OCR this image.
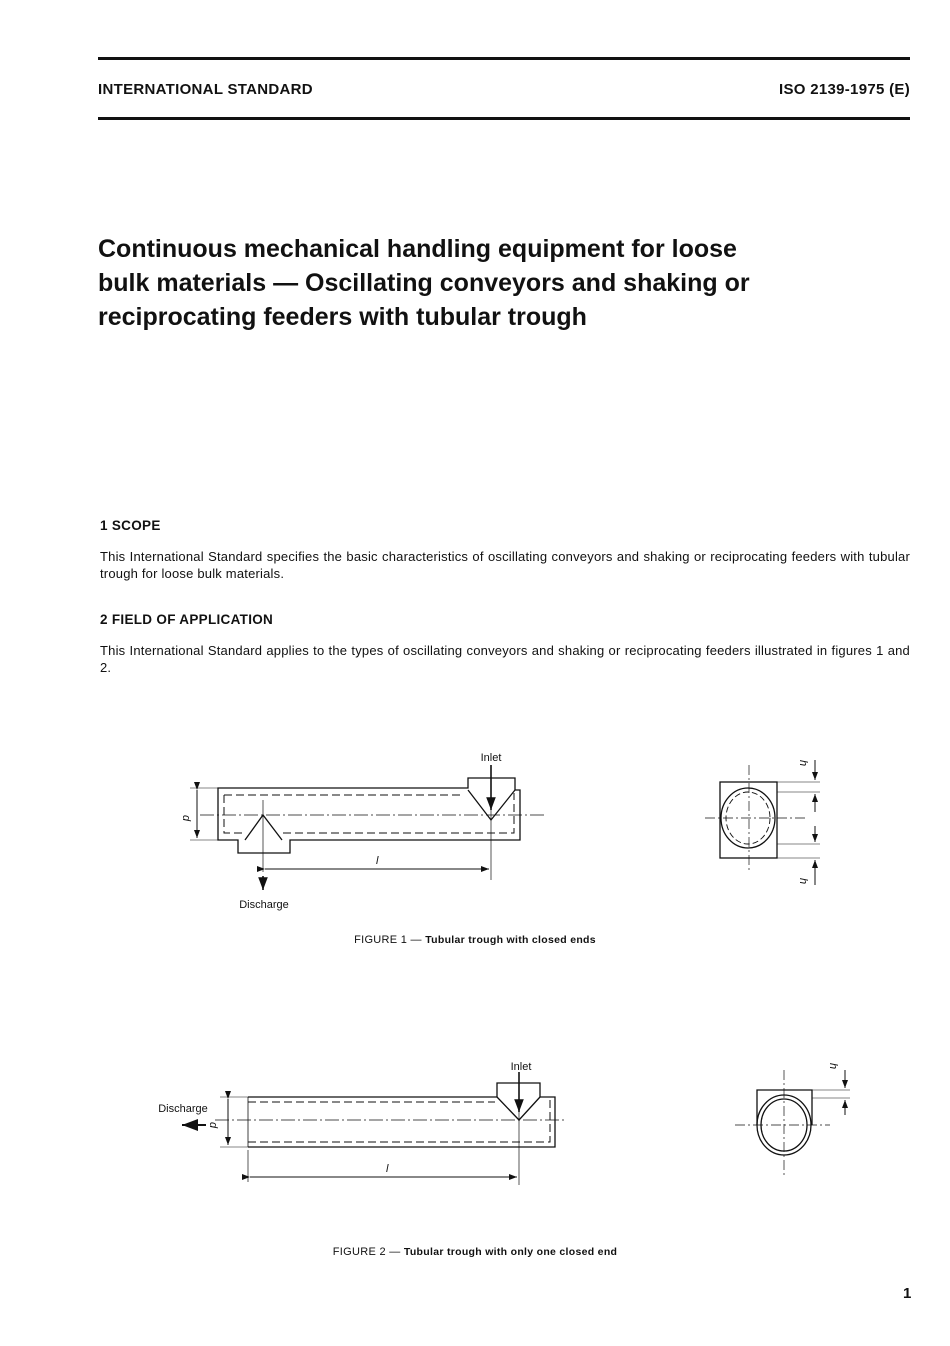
INTERNATIONAL STANDARD	ISO 2139-1975 (E)
Continuous mechanical handling equipment for loose
bulk materials — Oscillating conveyors and shaking or
reciprocating feeders with tubular trough
1 SCOPE
This International Standard specifies the basic characteristics of oscillating conveyors and shaking or reciprocating feeders with tubular trough for loose bulk materials.
2 FIELD OF APPLICATION
This International Standard applies to the types of oscillating conveyors and shaking or reciprocating feeders illustrated in figures 1 and 2.
Inlet
Discharge
d
l
h
h
Inlet
Discharge
d
l
h
FIGURE 1 — Tubular trough with closed ends
FIGURE 2 — Tubular trough with only one closed end
1
